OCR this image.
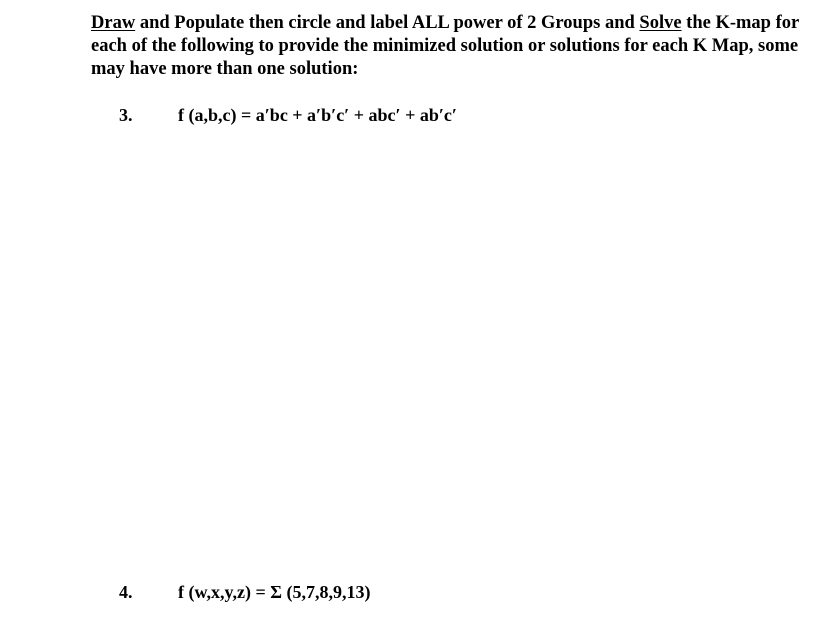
Draw and Populate then circle and label ALL power of 2 Groups and Solve the K-map for each of the following to provide the minimized solution or solutions for each K Map, some may have more than one solution:

3.	f (a,b,c) = a′bc + a′b′c′ + abc′ + ab′c′
4.	f (w,x,y,z) = Σ (5,7,8,9,13)
